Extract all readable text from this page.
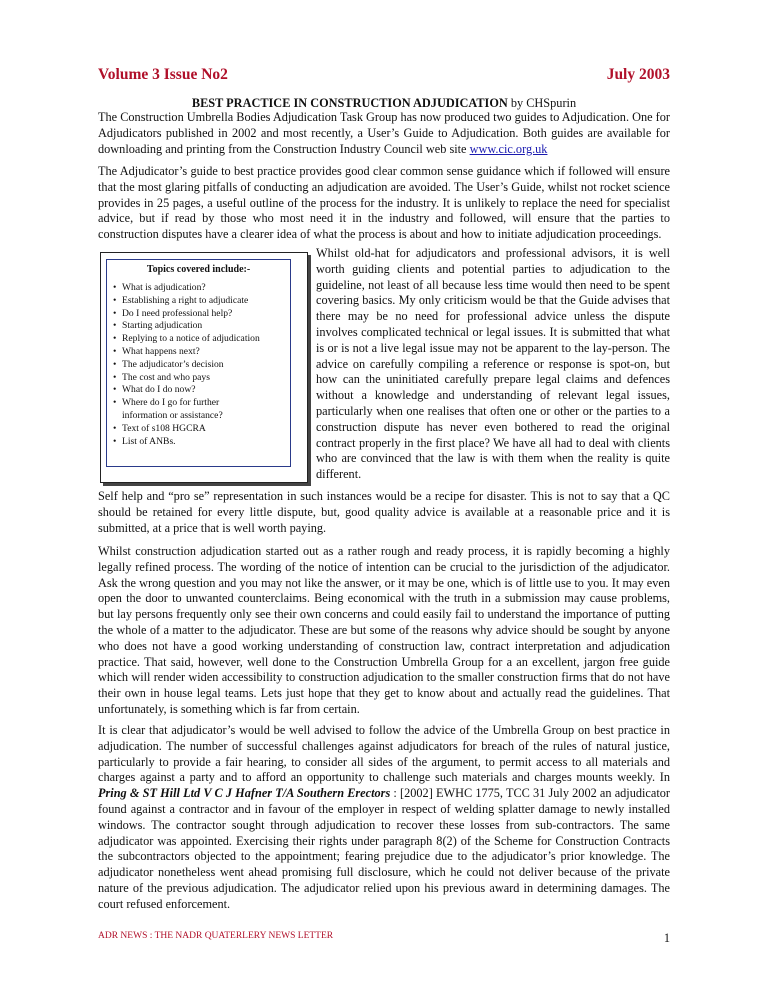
Volume 3 Issue No2	July 2003
BEST PRACTICE IN CONSTRUCTION ADJUDICATION by CHSpurin

The Construction Umbrella Bodies Adjudication Task Group has now produced two guides to Adjudication. One for Adjudicators published in 2002 and most recently, a User’s Guide to Adjudication. Both guides are available for downloading and printing from the Construction Industry Council web site www.cic.org.uk

The Adjudicator’s guide to best practice provides good clear common sense guidance which if followed will ensure that the most glaring pitfalls of conducting an adjudication are avoided. The User’s Guide, whilst not rocket science provides in 25 pages, a useful outline of the process for the industry. It is unlikely to replace the need for specialist advice, but if read by those who most need it in the industry and followed, will ensure that the parties to construction disputes have a clearer idea of what the process is about and how to initiate adjudication proceedings.

Topics covered include:-
• What is adjudication?
• Establishing a right to adjudicate
• Do I need professional help?
• Starting adjudication
• Replying to a notice of adjudication
• What happens next?
• The adjudicator’s decision
• The cost and who pays
• What do I do now?
• Where do I go for further
information or assistance?
• Text of s108 HGCRA
• List of ANBs.

Whilst old-hat for adjudicators and professional advisors, it is well worth guiding clients and potential parties to adjudication to the guideline, not least of all because less time would then need to be spent covering basics. My only criticism would be that the Guide advises that there may be no need for professional advice unless the dispute involves complicated technical or legal issues. It is submitted that what is or is not a live legal issue may not be apparent to the lay-person. The advice on carefully compiling a reference or response is spot-on, but how can the uninitiated carefully prepare legal claims and defences without a knowledge and understanding of relevant legal issues, particularly when one realises that often one or other or the parties to a construction dispute has never even bothered to read the original contract properly in the first place? We have all had to deal with clients who are convinced that the law is with them when the reality is quite different.

Self help and “pro se” representation in such instances would be a recipe for disaster. This is not to say that a QC should be retained for every little dispute, but, good quality advice is available at a reasonable price and it is submitted, at a price that is well worth paying.

Whilst construction adjudication started out as a rather rough and ready process, it is rapidly becoming a highly legally refined process. The wording of the notice of intention can be crucial to the jurisdiction of the adjudicator. Ask the wrong question and you may not like the answer, or it may be one, which is of little use to you. It may even open the door to unwanted counterclaims. Being economical with the truth in a submission may cause problems, but lay persons frequently only see their own concerns and could easily fail to understand the importance of putting the whole of a matter to the adjudicator. These are but some of the reasons why advice should be sought by anyone who does not have a good working understanding of construction law, contract interpretation and adjudication practice. That said, however, well done to the Construction Umbrella Group for a an excellent, jargon free guide which will render widen accessibility to construction adjudication to the smaller construction firms that do not have their own in house legal teams. Lets just hope that they get to know about and actually read the guidelines. That unfortunately, is something which is far from certain.

It is clear that adjudicator’s would be well advised to follow the advice of the Umbrella Group on best practice in adjudication. The number of successful challenges against adjudicators for breach of the rules of natural justice, particularly to provide a fair hearing, to consider all sides of the argument, to permit access to all materials and charges against a party and to afford an opportunity to challenge such materials and charges mounts weekly. In Pring & ST Hill Ltd V C J Hafner T/A Southern Erectors : [2002] EWHC 1775, TCC 31 July 2002 an adjudicator found against a contractor and in favour of the employer in respect of welding splatter damage to newly installed windows. The contractor sought through adjudication to recover these losses from sub-contractors. The same adjudicator was appointed. Exercising their rights under paragraph 8(2) of the Scheme for Construction Contracts the subcontractors objected to the appointment; fearing prejudice due to the adjudicator’s prior knowledge. The adjudicator nonetheless went ahead promising full disclosure, which he could not deliver because of the private nature of the previous adjudication. The adjudicator relied upon his previous award in determining damages. The court refused enforcement.

ADR NEWS : THE NADR QUATERLERY NEWS LETTER	1
